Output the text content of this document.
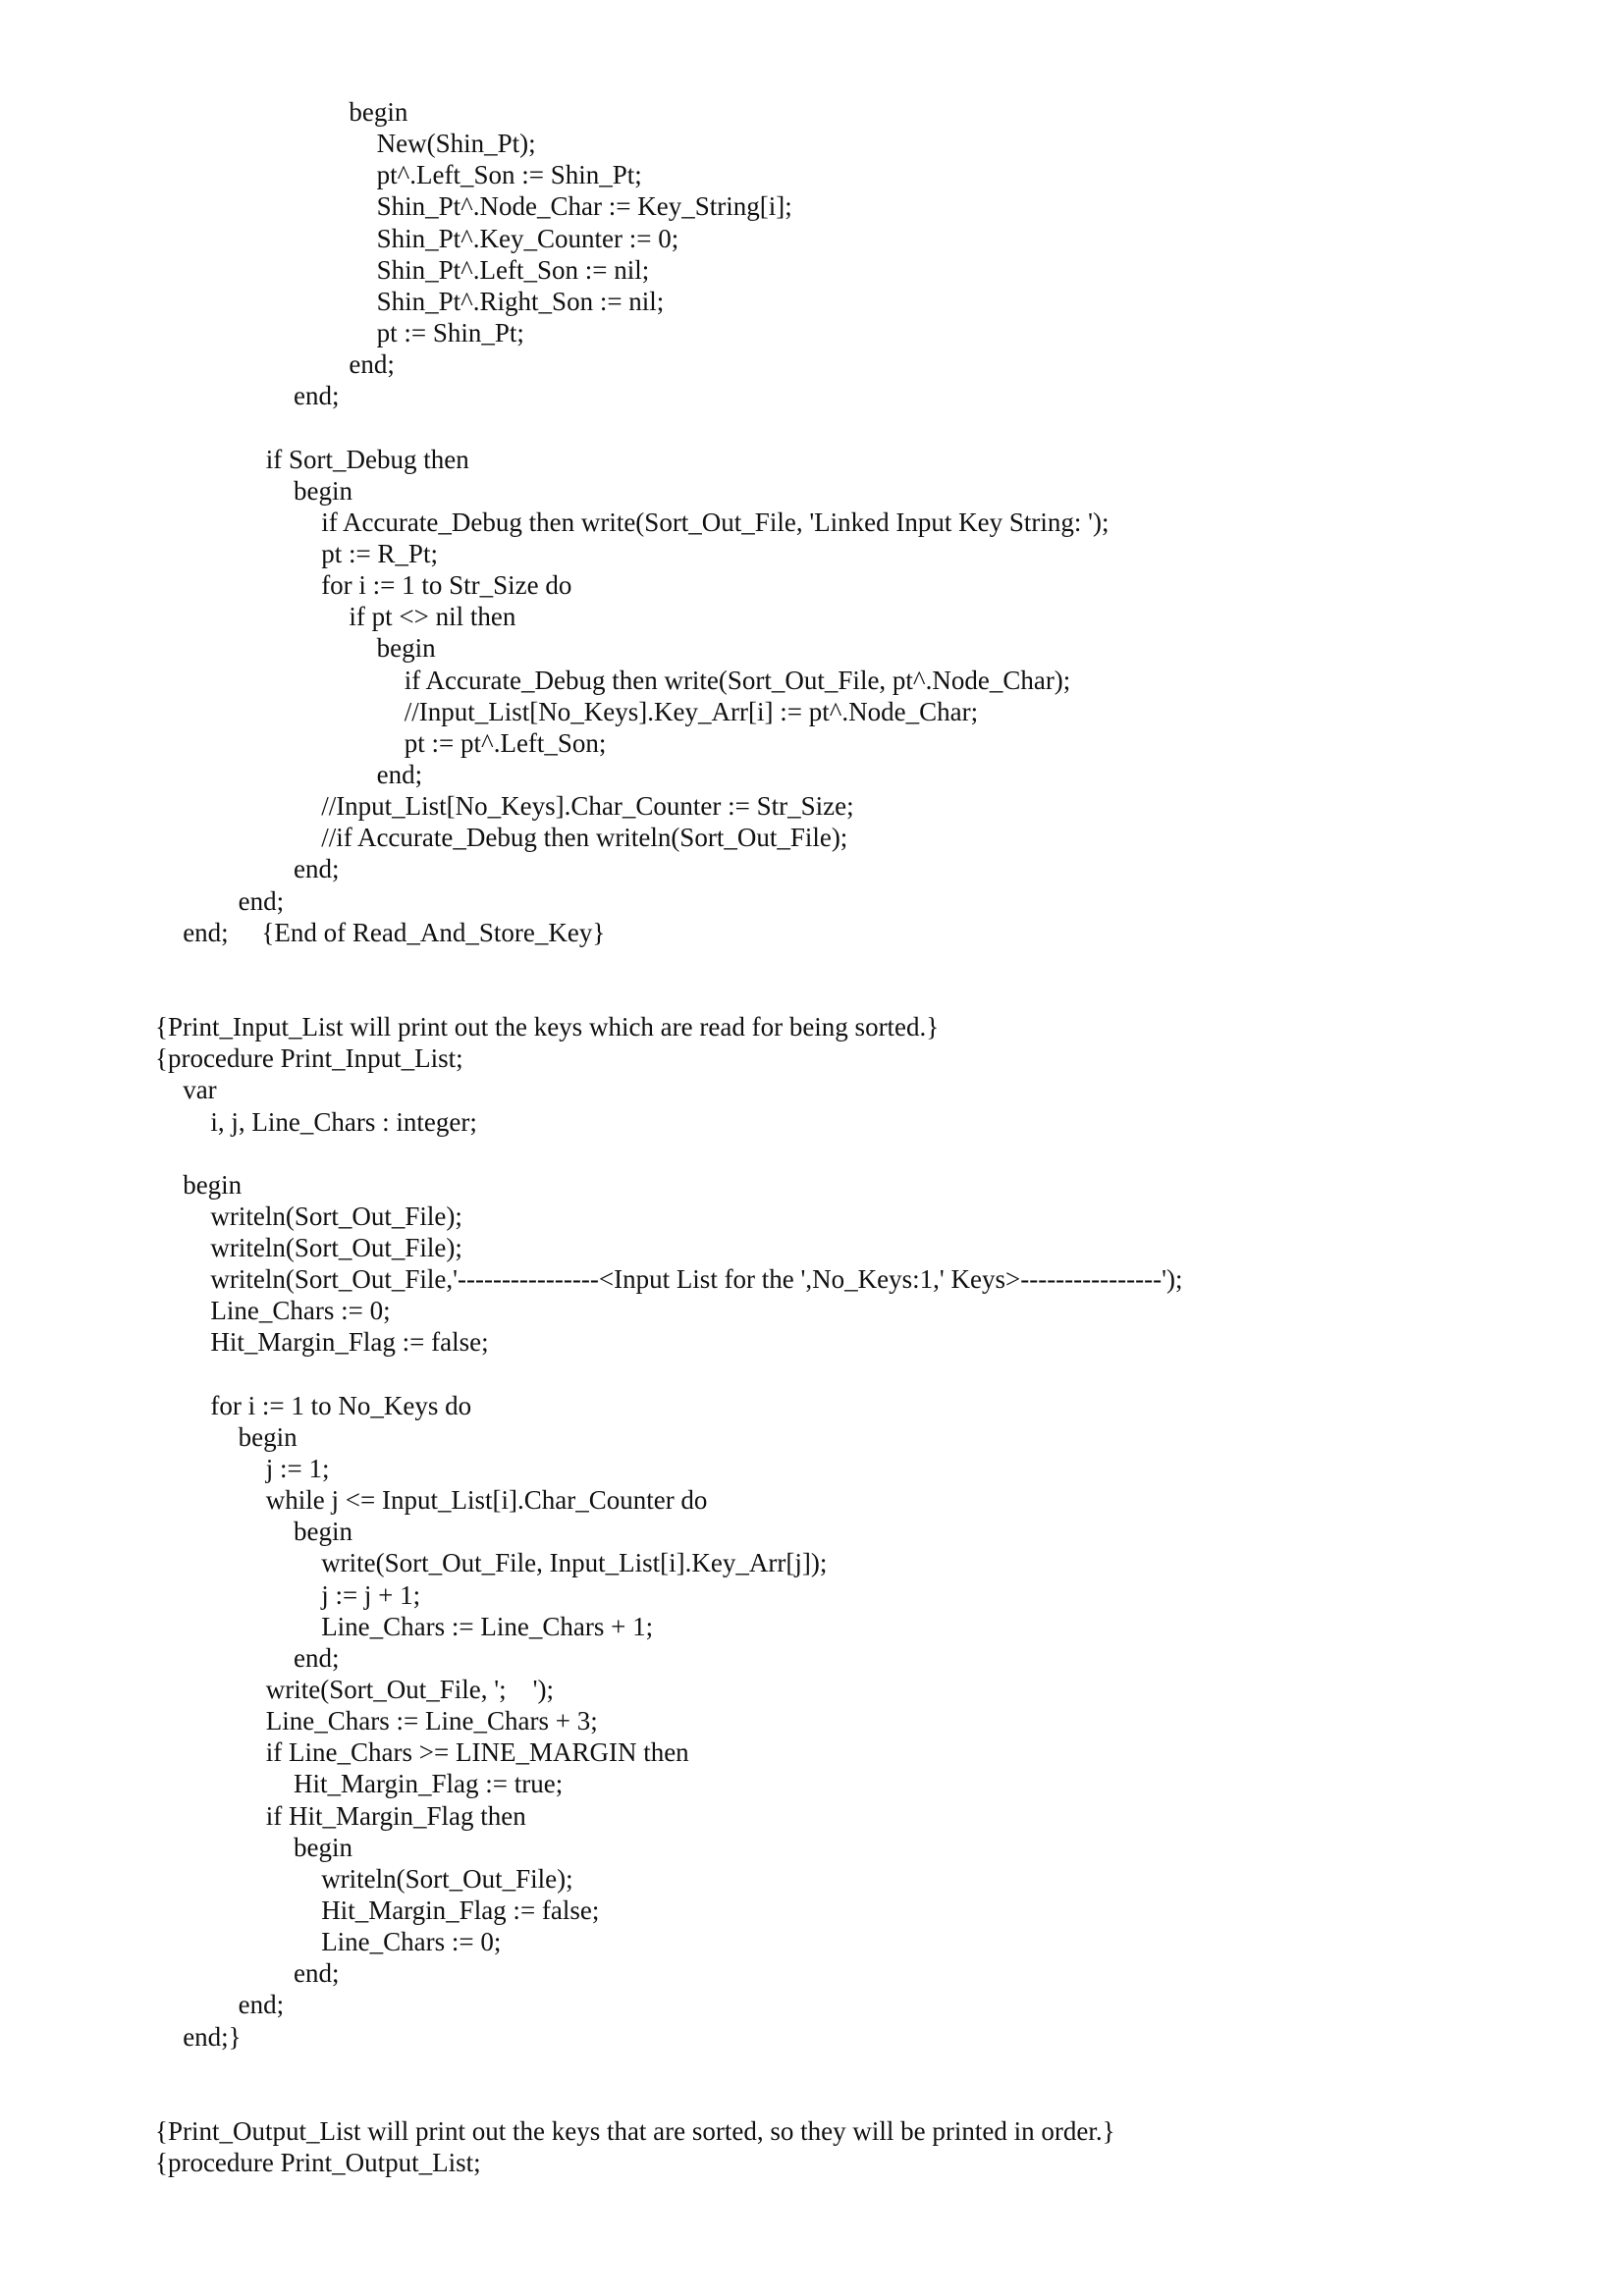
begin
New(Shin_Pt);
pt^.Left_Son := Shin_Pt;
Shin_Pt^.Node_Char := Key_String[i];
Shin_Pt^.Key_Counter := 0;
Shin_Pt^.Left_Son := nil;
Shin_Pt^.Right_Son := nil;
pt := Shin_Pt;
end;
end;
if Sort_Debug then
begin
if Accurate_Debug then write(Sort_Out_File, 'Linked Input Key String: ');
pt := R_Pt;
for i := 1 to Str_Size do
if pt <> nil then
begin
if Accurate_Debug then write(Sort_Out_File, pt^.Node_Char);
//Input_List[No_Keys].Key_Arr[i] := pt^.Node_Char;
pt := pt^.Left_Son;
end;
//Input_List[No_Keys].Char_Counter := Str_Size;
//if Accurate_Debug then writeln(Sort_Out_File);
end;
end;
end;     {End of Read_And_Store_Key}
{Print_Input_List will print out the keys which are read for being sorted.}
{procedure Print_Input_List;
var
i, j, Line_Chars : integer;
begin
writeln(Sort_Out_File);
writeln(Sort_Out_File);
writeln(Sort_Out_File,'----------------<Input List for the ',No_Keys:1,' Keys>----------------');
Line_Chars := 0;
Hit_Margin_Flag := false;
for i := 1 to No_Keys do
begin
j := 1;
while j <= Input_List[i].Char_Counter do
begin
write(Sort_Out_File, Input_List[i].Key_Arr[j]);
j := j + 1;
Line_Chars := Line_Chars + 1;
end;
write(Sort_Out_File, ';    ');
Line_Chars := Line_Chars + 3;
if Line_Chars >= LINE_MARGIN then
Hit_Margin_Flag := true;
if Hit_Margin_Flag then
begin
writeln(Sort_Out_File);
Hit_Margin_Flag := false;
Line_Chars := 0;
end;
end;
end;}
{Print_Output_List will print out the keys that are sorted, so they will be printed in order.}
{procedure Print_Output_List;
